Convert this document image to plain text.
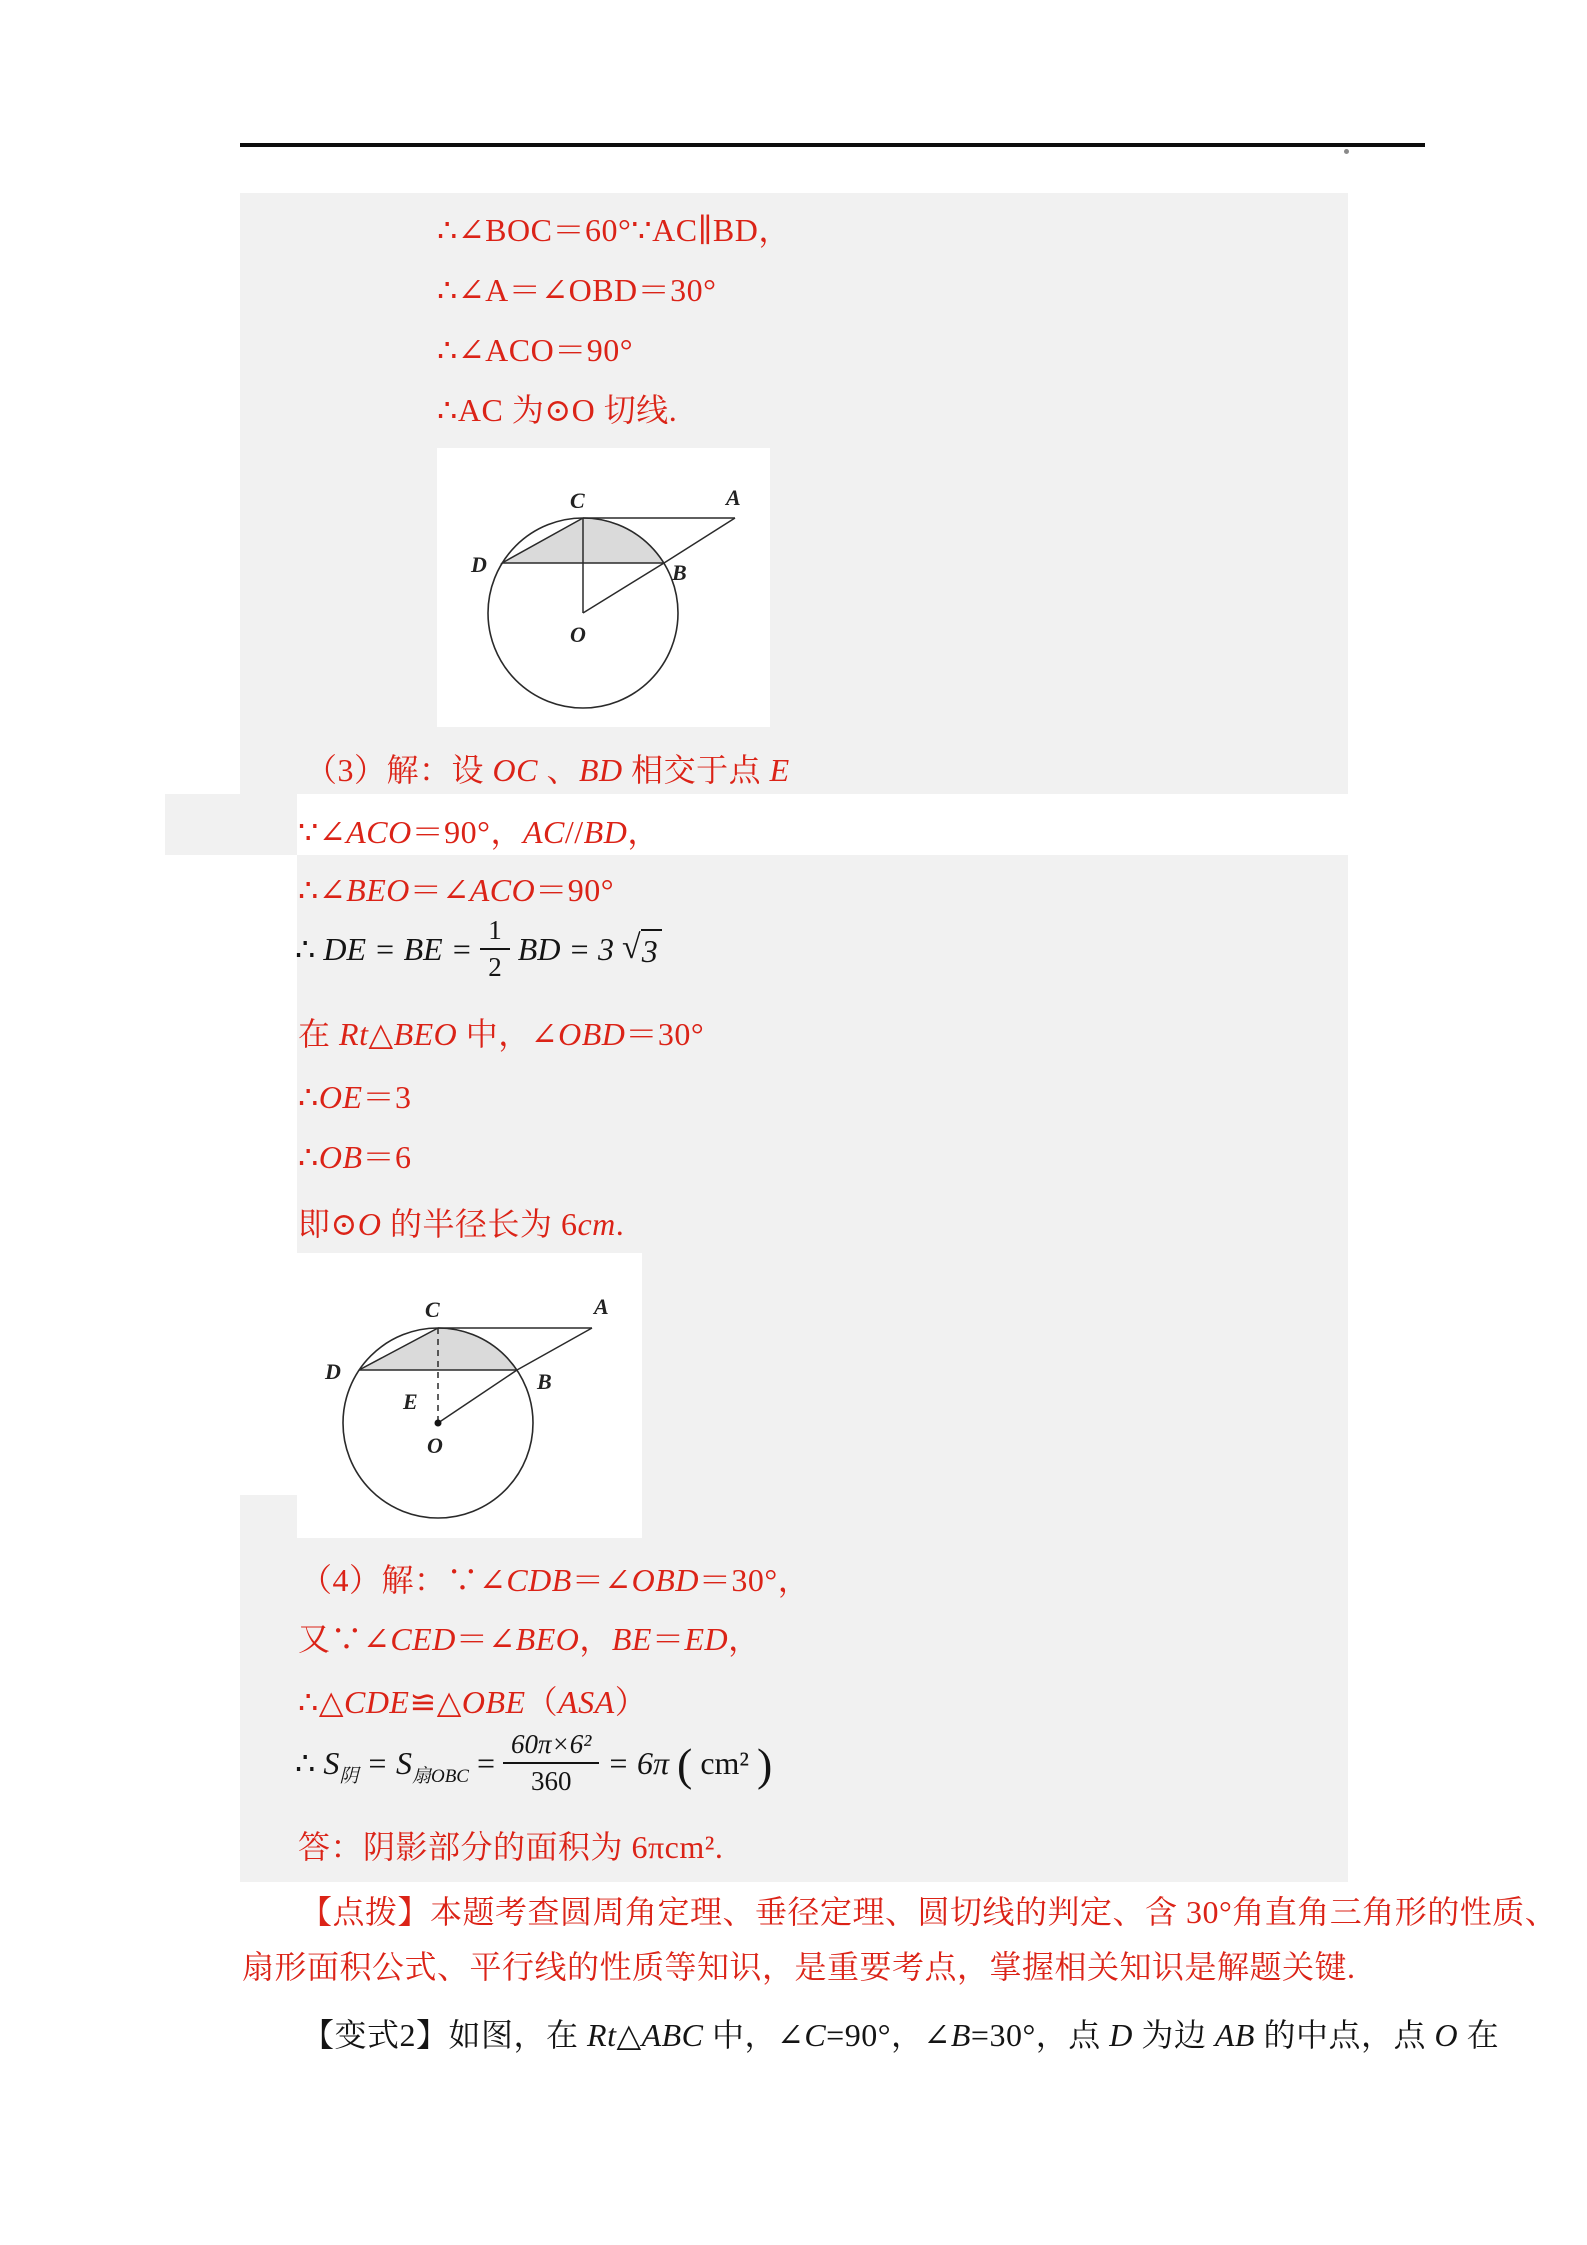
∴∠BOC＝60°∵AC∥BD，
∴∠A＝∠OBD＝30°
∴∠ACO＝90°
∴AC 为⊙O 切线.
（3）解：设 OC 、BD 相交于点 E
∵∠ACO＝90°，AC//BD，
∴∠BEO＝∠ACO＝90°
在 Rt△BEO 中，∠OBD＝30°
∴OE＝3
∴OB＝6
即⊙O 的半径长为 6cm.
（4）解：∵∠CDB＝∠OBD＝30°，
又∵∠CED＝∠BEO，BE＝ED，
∴△CDE≌△OBE（ASA）
答：阴影部分的面积为 6πcm².
【点拨】本题考查圆周角定理、垂径定理、圆切线的判定、含 30°角直角三角形的性质、
扇形面积公式、平行线的性质等知识，是重要考点，掌握相关知识是解题关键.
【变式2】如图，在 Rt△ABC 中，∠C=90°，∠B=30°，点 D 为边 AB 的中点，点 O 在
∴ DE = BE = $\frac{1}{2}$ BD = 3 √ 3
∴ $S_阴 = S_{扇OBC} = \frac{\text{60π×6²}}{360} = 6\pi$ ( cm² )
C	A
D	B
O
C	A
D	B
E
O
